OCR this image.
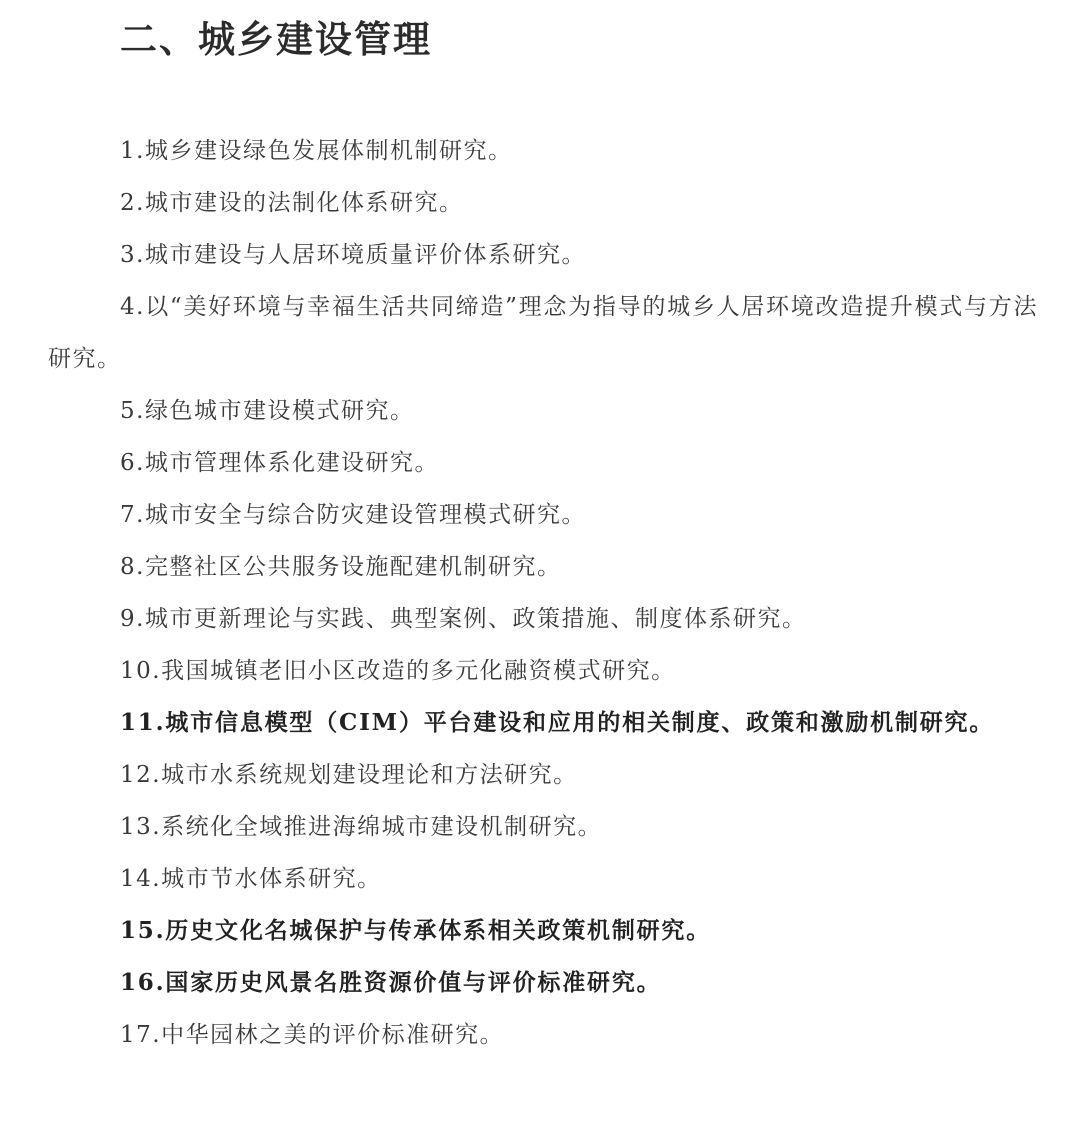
二、城乡建设管理
1.城乡建设绿色发展体制机制研究。
2.城市建设的法制化体系研究。
3.城市建设与人居环境质量评价体系研究。
4.以“美好环境与幸福生活共同缔造”理念为指导的城乡人居环境改造提升模式与方法研究。
5.绿色城市建设模式研究。
6.城市管理体系化建设研究。
7.城市安全与综合防灾建设管理模式研究。
8.完整社区公共服务设施配建机制研究。
9.城市更新理论与实践、典型案例、政策措施、制度体系研究。
10.我国城镇老旧小区改造的多元化融资模式研究。
11.城市信息模型（CIM）平台建设和应用的相关制度、政策和激励机制研究。
12.城市水系统规划建设理论和方法研究。
13.系统化全域推进海绵城市建设机制研究。
14.城市节水体系研究。
15.历史文化名城保护与传承体系相关政策机制研究。
16.国家历史风景名胜资源价值与评价标准研究。
17.中华园林之美的评价标准研究。
